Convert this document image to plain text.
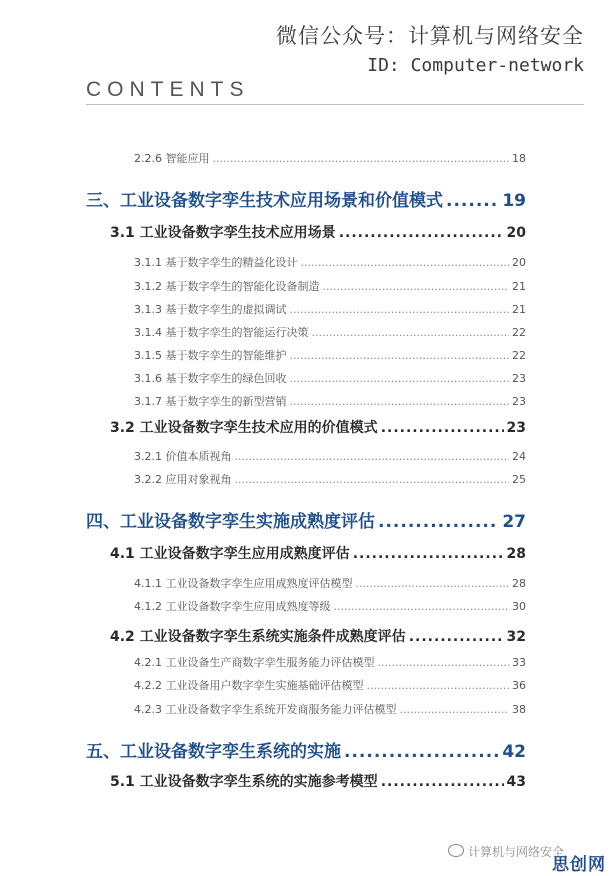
微信公众号：计算机与网络安全
ID: Computer-network
CONTENTS
2.2.6 智能应用 .....	18
三、工业设备数字孪生技术应用场景和价值模式 .....	19
3.1 工业设备数字孪生技术应用场景 .....	20
3.1.1 基于数字孪生的精益化设计 .....	20
3.1.2 基于数字孪生的智能化设备制造 .....	21
3.1.3 基于数字孪生的虚拟调试 .....	21
3.1.4 基于数字孪生的智能运行决策 .....	22
3.1.5 基于数字孪生的智能维护 .....	22
3.1.6 基于数字孪生的绿色回收 .....	23
3.1.7 基于数字孪生的新型营销 .....	23
3.2 工业设备数字孪生技术应用的价值模式 .....	23
3.2.1 价值本质视角 .....	24
3.2.2 应用对象视角 .....	25
四、工业设备数字孪生实施成熟度评估 .....	27
4.1 工业设备数字孪生应用成熟度评估 .....	28
4.1.1 工业设备数字孪生应用成熟度评估模型 .....	28
4.1.2 工业设备数字孪生应用成熟度等级 .....	30
4.2 工业设备数字孪生系统实施条件成熟度评估 .....	32
4.2.1 工业设备生产商数字孪生服务能力评估模型 .....	33
4.2.2 工业设备用户数字孪生实施基础评估模型 .....	36
4.2.3 工业设备数字孪生系统开发商服务能力评估模型 .....	38
五、工业设备数字孪生系统的实施 .....	42
5.1 工业设备数字孪生系统的实施参考模型 .....	43
计算机与网络安全
思创网
